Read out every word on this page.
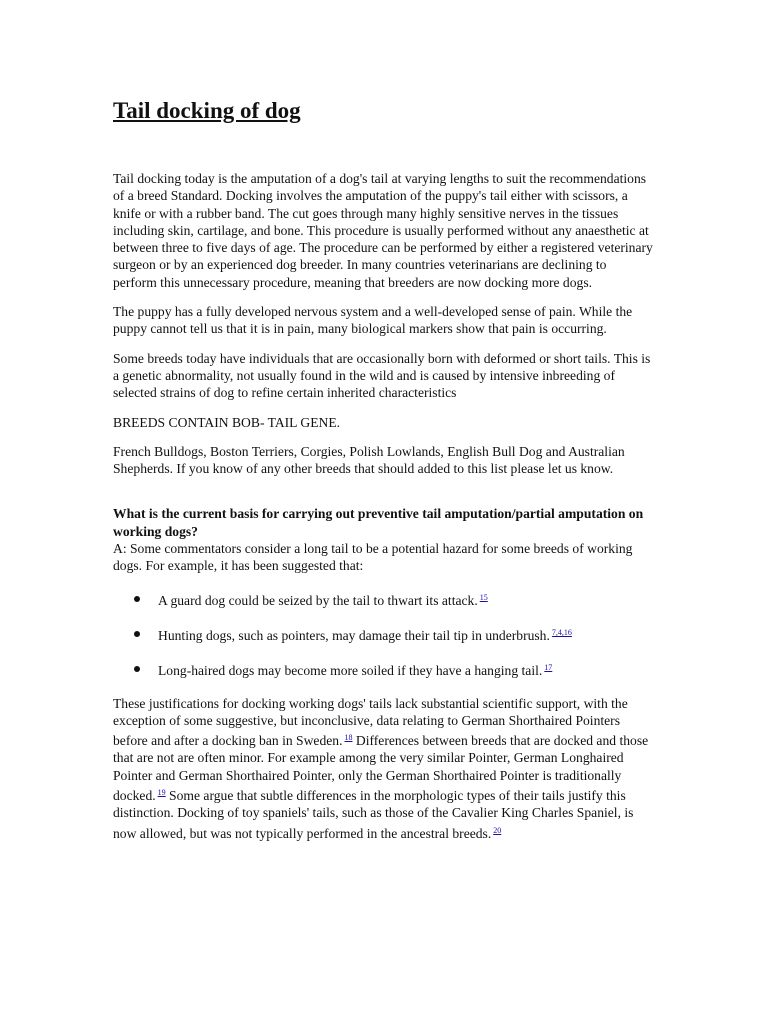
Tail docking of dog

Tail docking today is the amputation of a dog's tail at varying lengths to suit the recommendations of a breed Standard. Docking involves the amputation of the puppy's tail either with scissors, a knife or with a rubber band. The cut goes through many highly sensitive nerves in the tissues including skin, cartilage, and bone. This procedure is usually performed without any anaesthetic at between three to five days of age. The procedure can be performed by either a registered veterinary surgeon or by an experienced dog breeder. In many countries veterinarians are declining to perform this unnecessary procedure, meaning that breeders are now docking more dogs.

The puppy has a fully developed nervous system and a well-developed sense of pain. While the puppy cannot tell us that it is in pain, many biological markers show that pain is occurring.

Some breeds today have individuals that are occasionally born with deformed or short tails. This is a genetic abnormality, not usually found in the wild and is caused by intensive inbreeding of selected strains of dog to refine certain inherited characteristics

BREEDS CONTAIN BOB- TAIL GENE.

French Bulldogs, Boston Terriers, Corgies, Polish Lowlands, English Bull Dog and Australian Shepherds. If you know of any other breeds that should added to this list please let us know.

What is the current basis for carrying out preventive tail amputation/partial amputation on working dogs?

A: Some commentators consider a long tail to be a potential hazard for some breeds of working dogs. For example, it has been suggested that:

A guard dog could be seized by the tail to thwart its attack. $^{15}$
Hunting dogs, such as pointers, may damage their tail tip in underbrush. $^{7,4,16}$
Long-haired dogs may become more soiled if they have a hanging tail. $^{17}$

These justifications for docking working dogs' tails lack substantial scientific support, with the exception of some suggestive, but inconclusive, data relating to German Shorthaired Pointers before and after a docking ban in Sweden. $^{18}$ Differences between breeds that are docked and those that are not are often minor. For example among the very similar Pointer, German Longhaired Pointer and German Shorthaired Pointer, only the German Shorthaired Pointer is traditionally docked. $^{19}$ Some argue that subtle differences in the morphologic types of their tails justify this distinction. Docking of toy spaniels' tails, such as those of the Cavalier King Charles Spaniel, is now allowed, but was not typically performed in the ancestral breeds. $^{20}$
